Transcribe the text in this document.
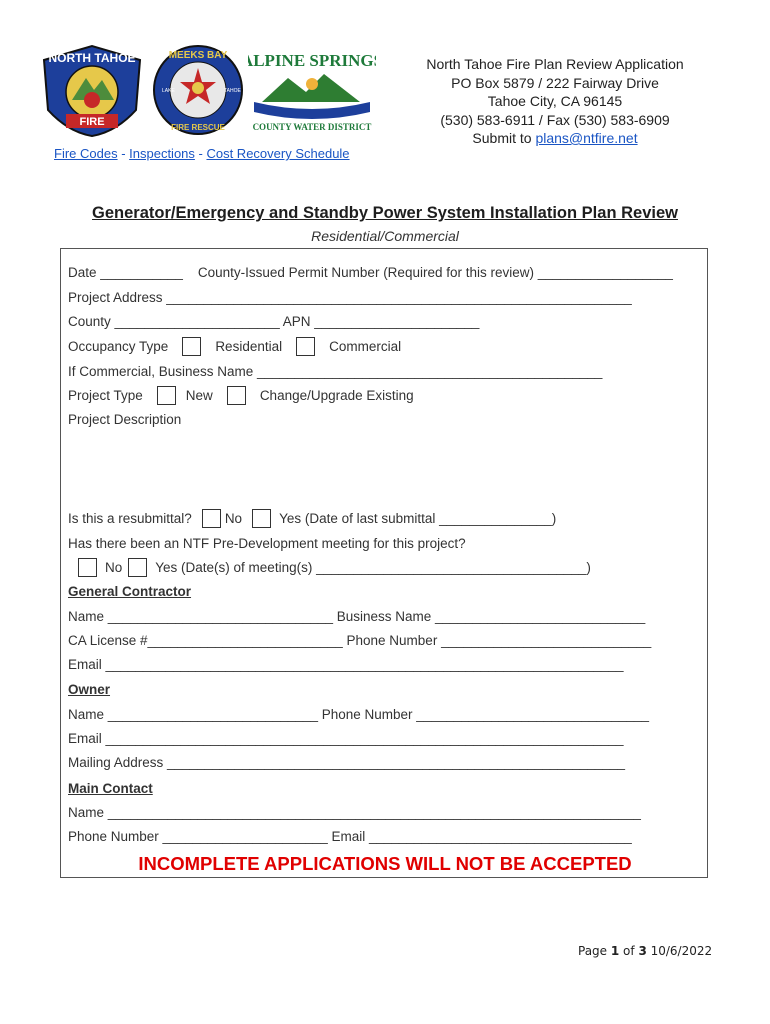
FIRE
NORTH TAHOE	MEEKS BAY
FIRE RESCUE
LAKE	TAHOE
ALPINE SPRINGS
COUNTY WATER DISTRICT
North Tahoe Fire Plan Review Application
PO Box 5879 / 222 Fairway Drive
Tahoe City, CA 96145
(530) 583-6911 / Fax (530) 583-6909
Submit to plans@ntfire.net
Fire Codes - Inspections - Cost Recovery Schedule
Generator/Emergency and Standby Power System Installation Plan Review
Residential/Commercial
Date ___________ County-Issued Permit Number (Required for this review) __________________
Project Address ______________________________________________________________
County ______________________ APN ______________________
Occupancy Type	Residential	Commercial
If Commercial, Business Name ______________________________________________
Project Type	New	Change/Upgrade Existing
Project Description
Is this a resubmittal? No	Yes (Date of last submittal _______________)
Has there been an NTF Pre-Development meeting for this project?
No Yes (Date(s) of meeting(s) ____________________________________)
General Contractor
Name ______________________________ Business Name ____________________________
CA License #__________________________ Phone Number ____________________________
Email _____________________________________________________________________
Owner
Name ____________________________ Phone Number _______________________________
Email _____________________________________________________________________
Mailing Address _____________________________________________________________
Main Contact
Name _______________________________________________________________________
Phone Number ______________________ Email ___________________________________
INCOMPLETE APPLICATIONS WILL NOT BE ACCEPTED
Page 1 of 3 10/6/2022
